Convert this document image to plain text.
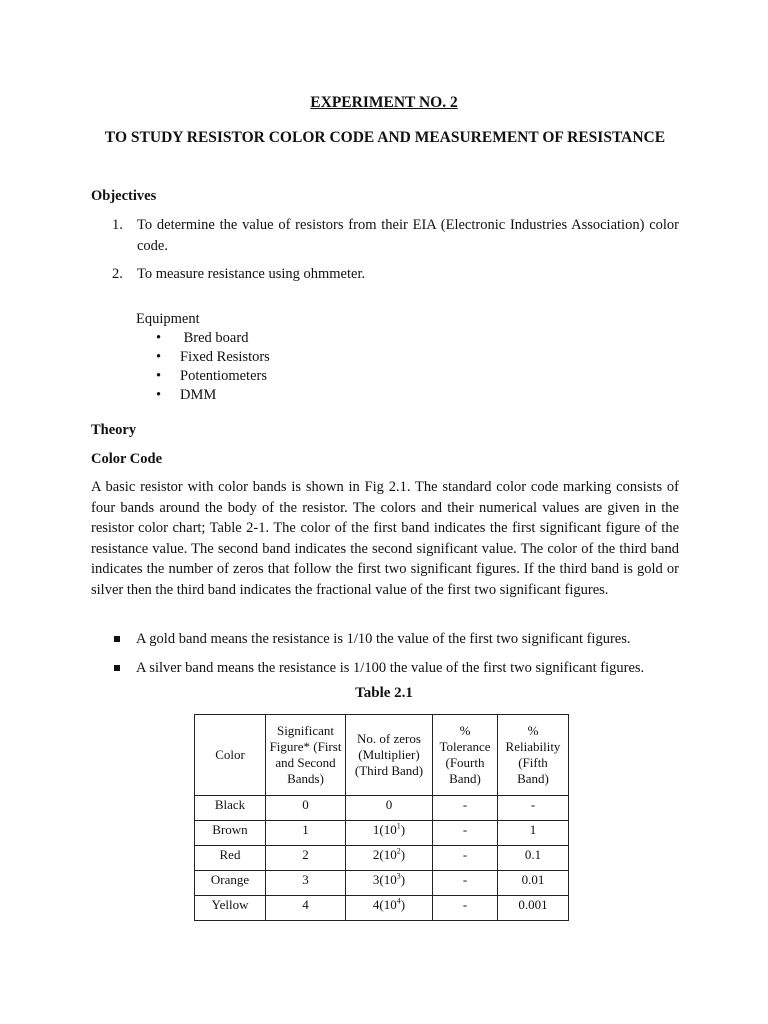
EXPERIMENT NO. 2
TO STUDY RESISTOR COLOR CODE AND MEASUREMENT OF RESISTANCE
Objectives
1. To determine the value of resistors from their EIA (Electronic Industries Association) color code.
2. To measure resistance using ohmmeter.
Equipment
• Bred board
• Fixed Resistors
• Potentiometers
• DMM
Theory
Color Code
A basic resistor with color bands is shown in Fig 2.1. The standard color code marking consists of four bands around the body of the resistor. The colors and their numerical values are given in the resistor color chart; Table 2-1. The color of the first band indicates the first significant figure of the resistance value. The second band indicates the second significant value. The color of the third band indicates the number of zeros that follow the first two significant figures. If the third band is gold or silver then the third band indicates the fractional value of the first two significant figures.
A gold band means the resistance is 1/10 the value of the first two significant figures.
A silver band means the resistance is 1/100 the value of the first two significant figures.
Table 2.1
Color	Significant Figure* (First and Second Bands)	No. of zeros (Multiplier) (Third Band)	% Tolerance (Fourth Band)	% Reliability (Fifth Band)
Black	0	0	-	-
Brown	1	$1(10^1)$	-	1
Red	2	$2(10^2)$	-	0.1
Orange	3	$3(10^3)$	-	0.01
Yellow	4	$4(10^4)$	-	0.001
